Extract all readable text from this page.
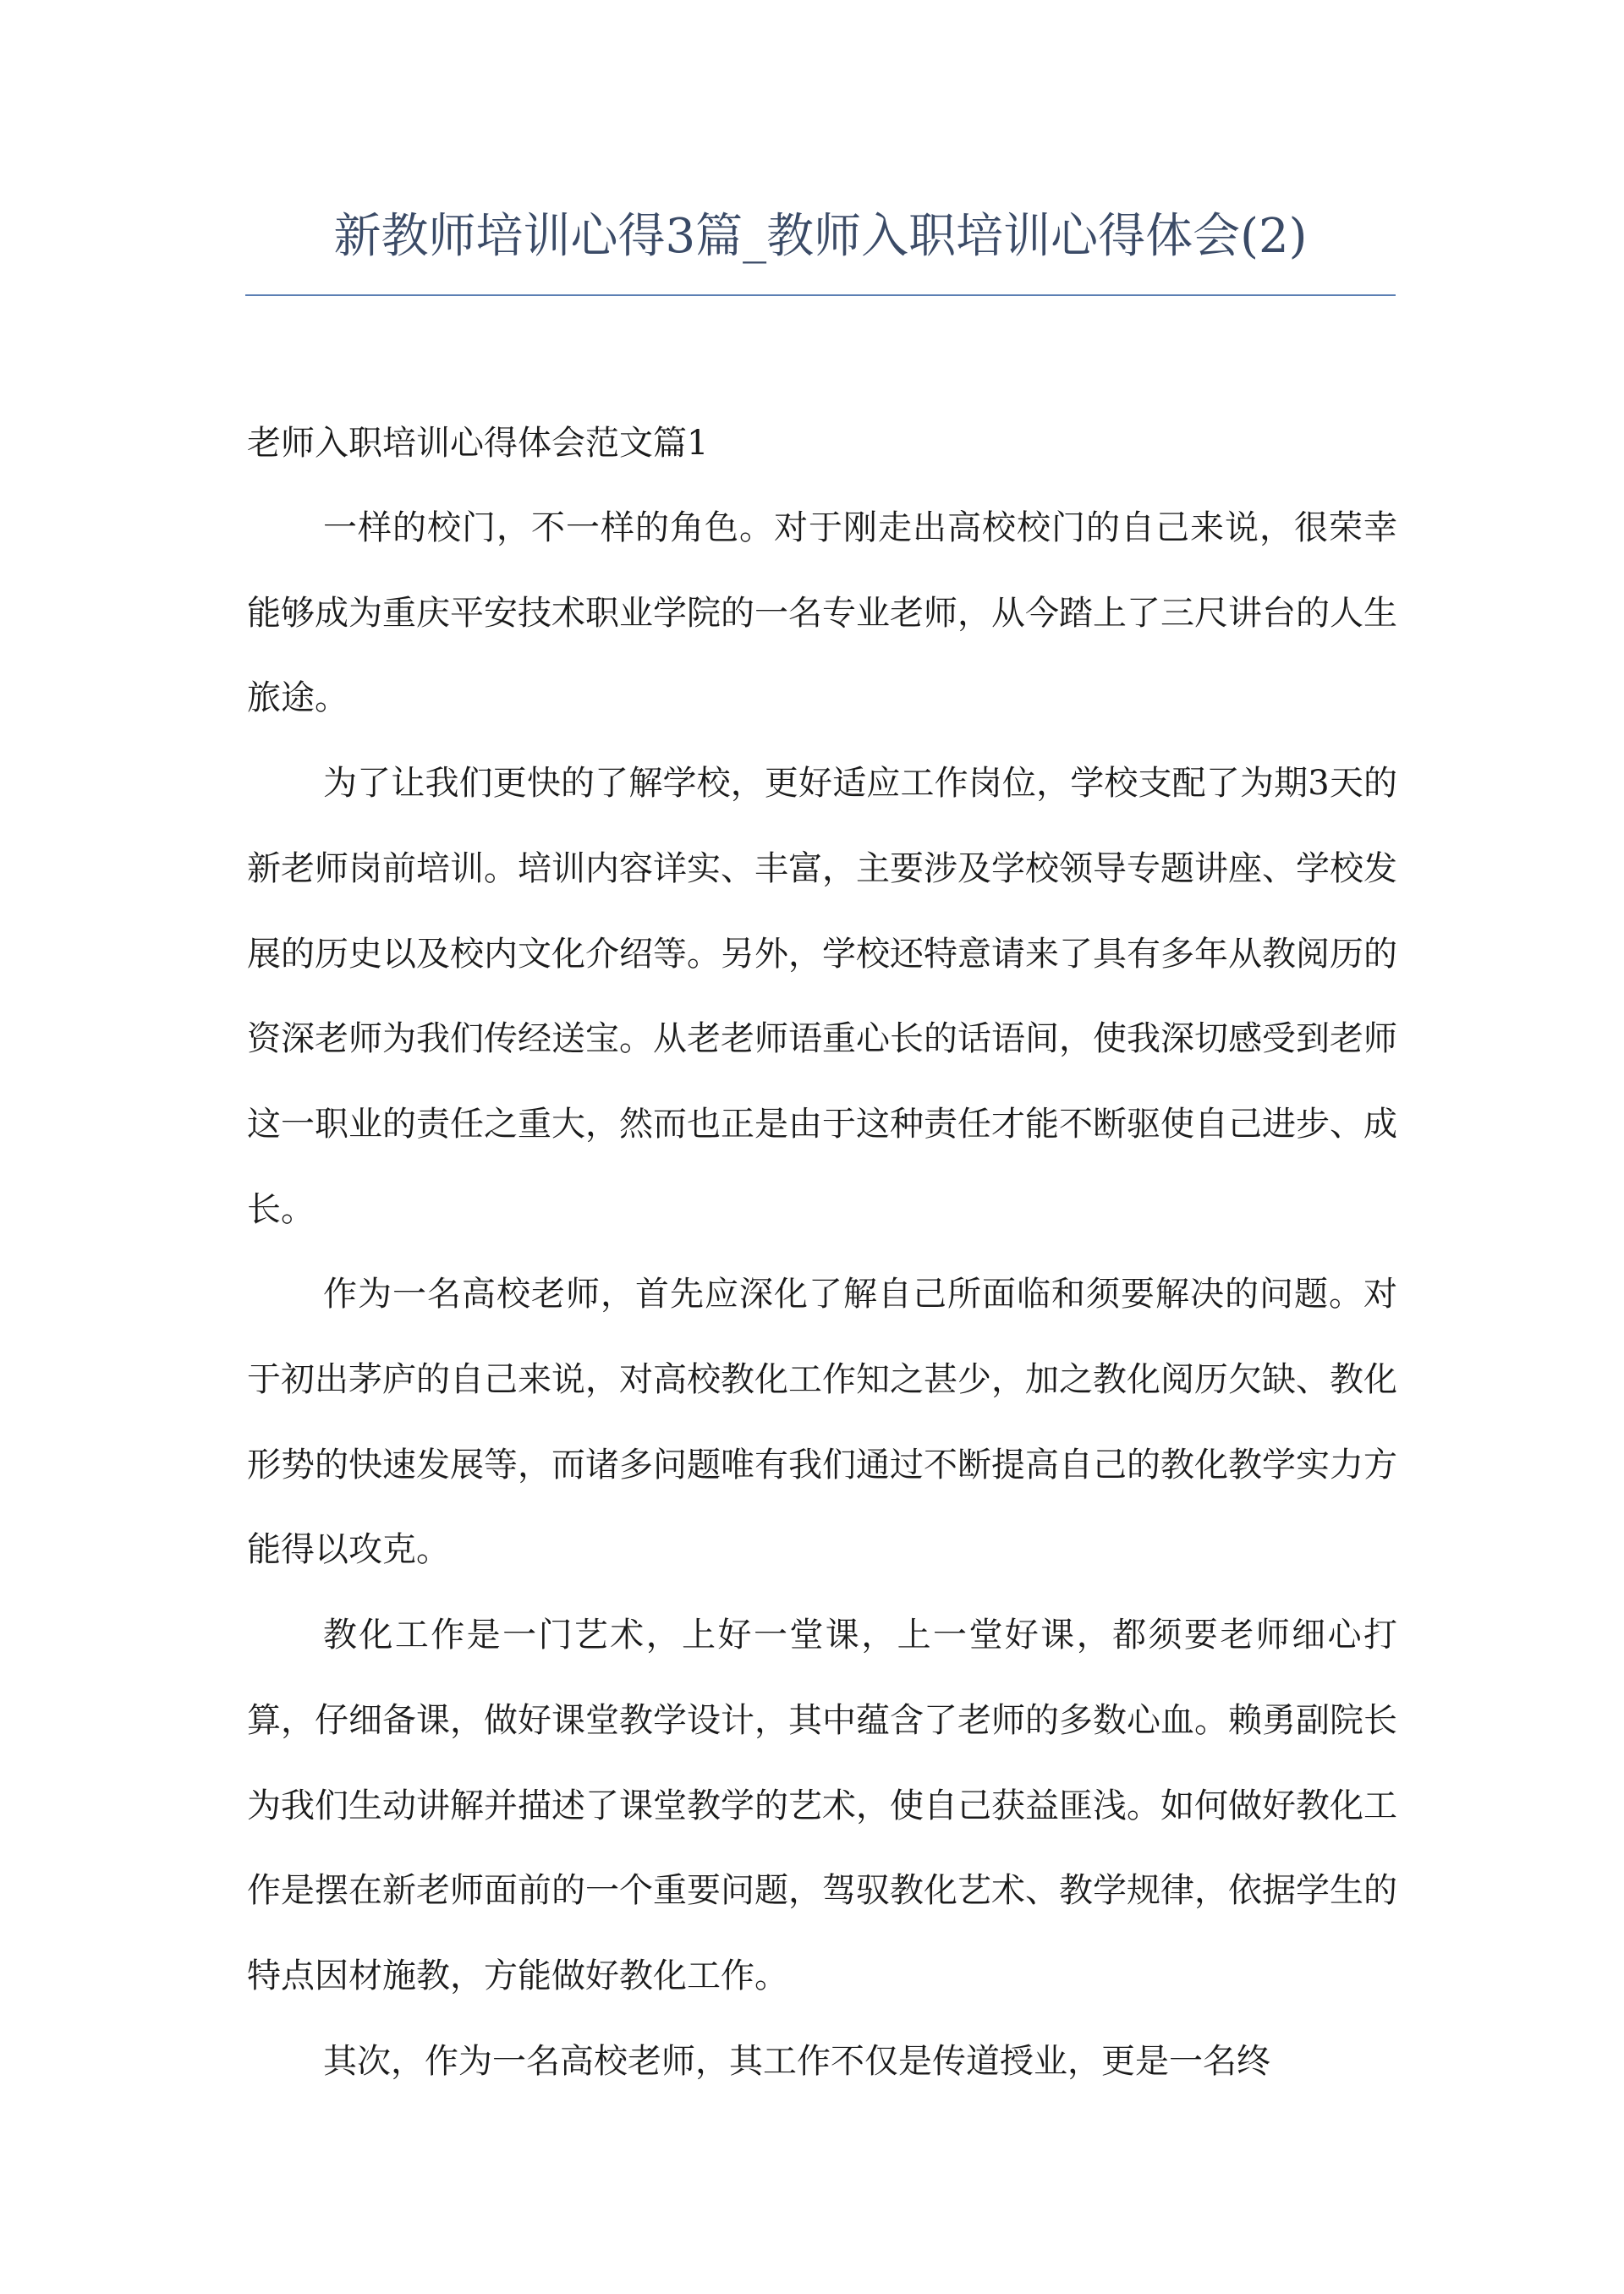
新教师培训心得3篇_教师入职培训心得体会(2)
老师入职培训心得体会范文篇1

一样的校门，不一样的角色。对于刚走出高校校门的自己来说，很荣幸能够成为重庆平安技术职业学院的一名专业老师，从今踏上了三尺讲台的人生旅途。

为了让我们更快的了解学校，更好适应工作岗位，学校支配了为期3天的新老师岗前培训。培训内容详实、丰富，主要涉及学校领导专题讲座、学校发展的历史以及校内文化介绍等。另外，学校还特意请来了具有多年从教阅历的资深老师为我们传经送宝。从老老师语重心长的话语间，使我深切感受到老师这一职业的责任之重大，然而也正是由于这种责任才能不断驱使自己进步、成长。

作为一名高校老师，首先应深化了解自己所面临和须要解决的问题。对于初出茅庐的自己来说，对高校教化工作知之甚少，加之教化阅历欠缺、教化形势的快速发展等，而诸多问题唯有我们通过不断提高自己的教化教学实力方能得以攻克。

教化工作是一门艺术，上好一堂课，上一堂好课，都须要老师细心打算，仔细备课，做好课堂教学设计，其中蕴含了老师的多数心血。赖勇副院长为我们生动讲解并描述了课堂教学的艺术，使自己获益匪浅。如何做好教化工作是摆在新老师面前的一个重要问题，驾驭教化艺术、教学规律，依据学生的特点因材施教，方能做好教化工作。

其次，作为一名高校老师，其工作不仅是传道授业，更是一名终
